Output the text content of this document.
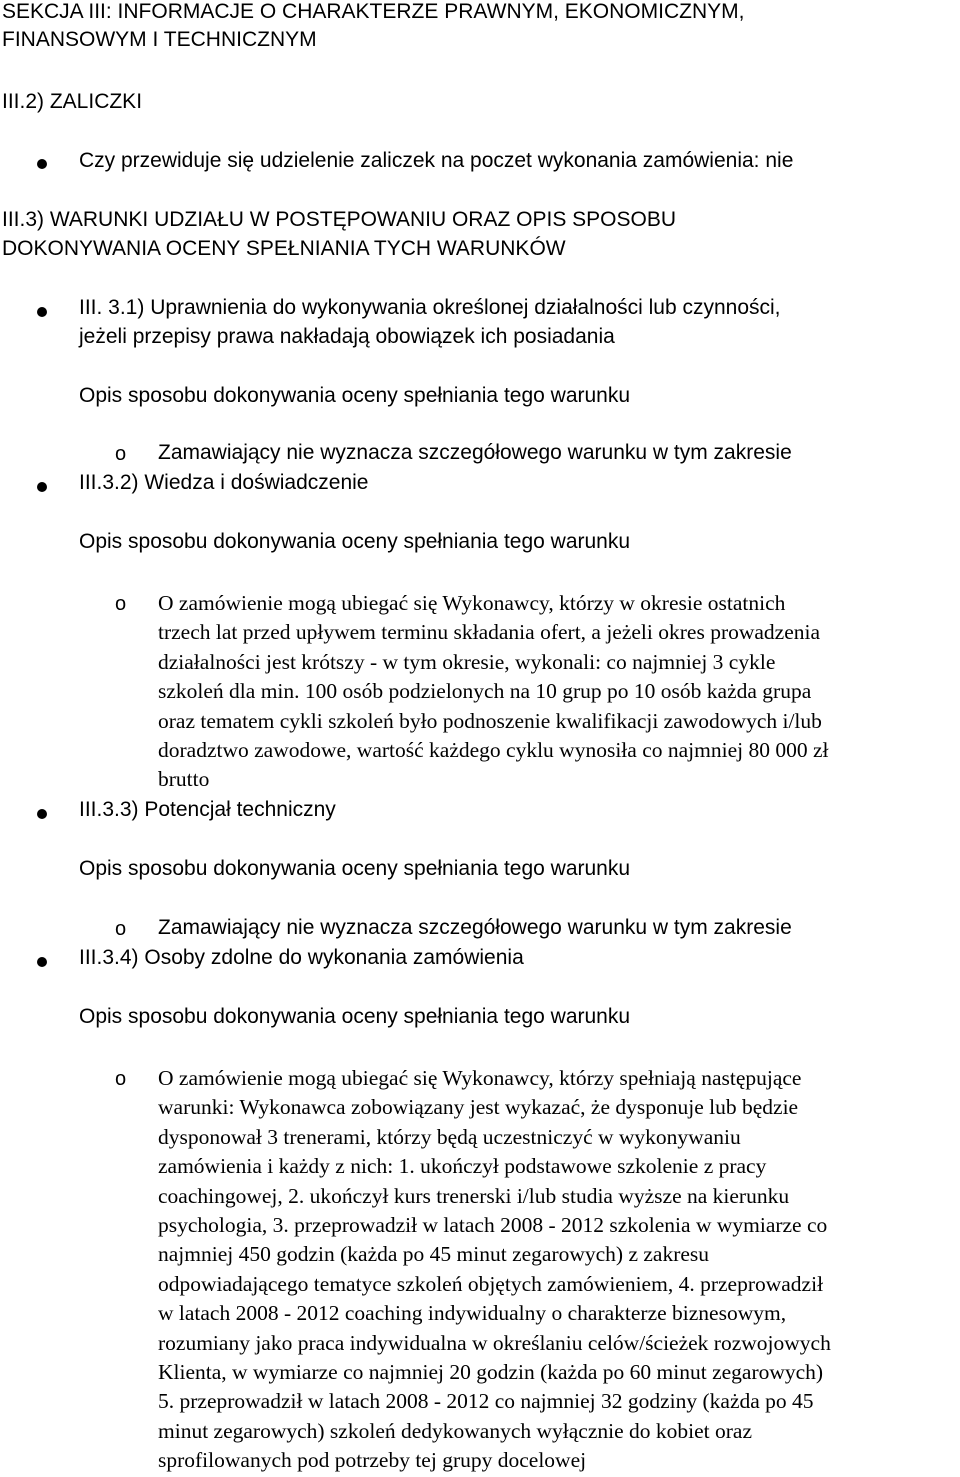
SEKCJA III: INFORMACJE O CHARAKTERZE PRAWNYM, EKONOMICZNYM,
FINANSOWYM I TECHNICZNYM
III.2) ZALICZKI
Czy przewiduje się udzielenie zaliczek na poczet wykonania zamówienia: nie
III.3) WARUNKI UDZIAŁU W POSTĘPOWANIU ORAZ OPIS SPOSOBU
DOKONYWANIA OCENY SPEŁNIANIA TYCH WARUNKÓW
III. 3.1) Uprawnienia do wykonywania określonej działalności lub czynności,
jeżeli przepisy prawa nakładają obowiązek ich posiadania
Opis sposobu dokonywania oceny spełniania tego warunku
o Zamawiający nie wyznacza szczegółowego warunku w tym zakresie
III.3.2) Wiedza i doświadczenie
Opis sposobu dokonywania oceny spełniania tego warunku
o O zamówienie mogą ubiegać się Wykonawcy, którzy w okresie ostatnich
trzech lat przed upływem terminu składania ofert, a jeżeli okres prowadzenia
działalności jest krótszy - w tym okresie, wykonali: co najmniej 3 cykle
szkoleń dla min. 100 osób podzielonych na 10 grup po 10 osób każda grupa
oraz tematem cykli szkoleń było podnoszenie kwalifikacji zawodowych i/lub
doradztwo zawodowe, wartość każdego cyklu wynosiła co najmniej 80 000 zł
brutto
III.3.3) Potencjał techniczny
Opis sposobu dokonywania oceny spełniania tego warunku
o Zamawiający nie wyznacza szczegółowego warunku w tym zakresie
III.3.4) Osoby zdolne do wykonania zamówienia
Opis sposobu dokonywania oceny spełniania tego warunku
o O zamówienie mogą ubiegać się Wykonawcy, którzy spełniają następujące
warunki: Wykonawca zobowiązany jest wykazać, że dysponuje lub będzie
dysponował 3 trenerami, którzy będą uczestniczyć w wykonywaniu
zamówienia i każdy z nich: 1. ukończył podstawowe szkolenie z pracy
coachingowej, 2. ukończył kurs trenerski i/lub studia wyższe na kierunku
psychologia, 3. przeprowadził w latach 2008 - 2012 szkolenia w wymiarze co
najmniej 450 godzin (każda po 45 minut zegarowych) z zakresu
odpowiadającego tematyce szkoleń objętych zamówieniem, 4. przeprowadził
w latach 2008 - 2012 coaching indywidualny o charakterze biznesowym,
rozumiany jako praca indywidualna w określaniu celów/ścieżek rozwojowych
Klienta, w wymiarze co najmniej 20 godzin (każda po 60 minut zegarowych)
5. przeprowadził w latach 2008 - 2012 co najmniej 32 godziny (każda po 45
minut zegarowych) szkoleń dedykowanych wyłącznie do kobiet oraz
sprofilowanych pod potrzeby tej grupy docelowej
